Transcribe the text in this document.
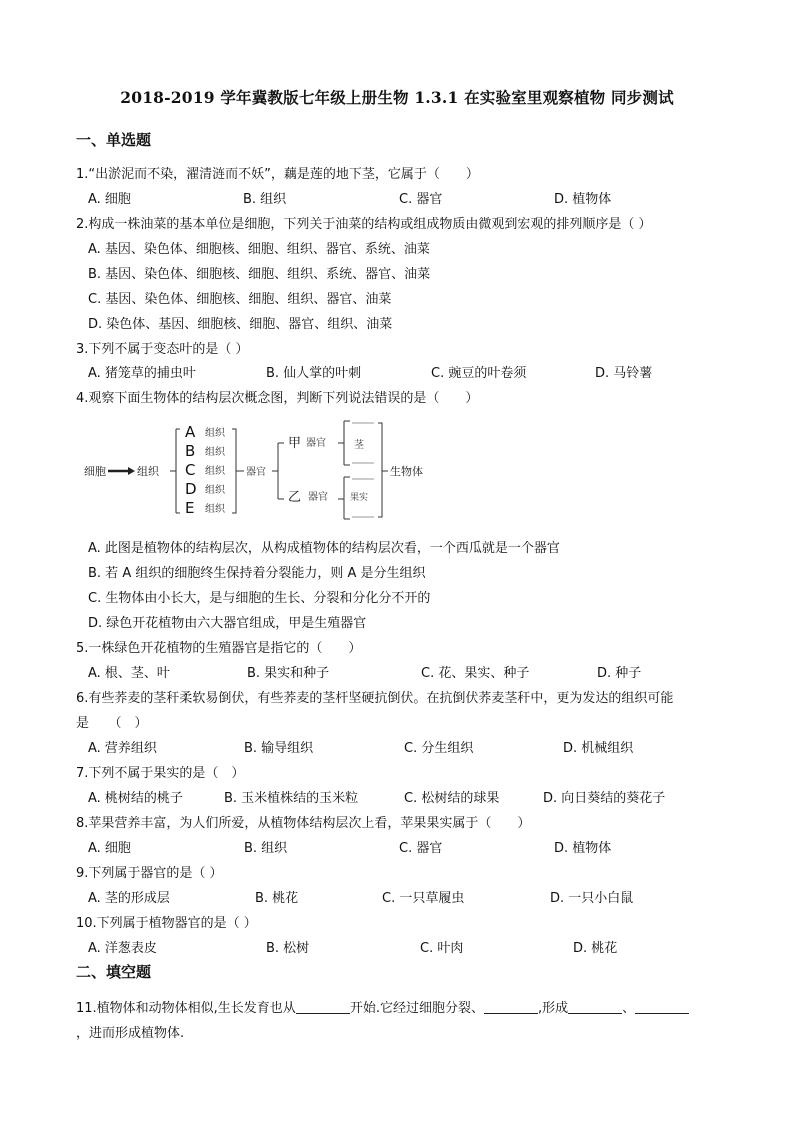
2018-2019 学年冀教版七年级上册生物 1.3.1 在实验室里观察植物 同步测试
一、单选题
1.“出淤泥而不染，濯清涟而不妖”，藕是莲的地下茎，它属于（　　）
A. 细胞	B. 组织	C. 器官	D. 植物体
2.构成一株油菜的基本单位是细胞，下列关于油菜的结构或组成物质由微观到宏观的排列顺序是（ ）
A. 基因、染色体、细胞核、细胞、组织、器官、系统、油菜
B. 基因、染色体、细胞核、细胞、组织、系统、器官、油菜
C. 基因、染色体、细胞核、细胞、组织、器官、油菜
D. 染色体、基因、细胞核、细胞、器官、组织、油菜
3.下列不属于变态叶的是（ ）
A. 猪笼草的捕虫叶	B. 仙人掌的叶刺	C. 豌豆的叶卷须	D. 马铃薯
4.观察下面生物体的结构层次概念图，判断下列说法错误的是（　　）
细胞	组织
A
B
C
D
E
组织
组织
组织
组织
组织
器官
甲 器官
乙 器官
茎
果实
生物体
A. 此图是植物体的结构层次，从构成植物体的结构层次看，一个西瓜就是一个器官
B. 若 A 组织的细胞终生保持着分裂能力，则 A 是分生组织
C. 生物体由小长大，是与细胞的生长、分裂和分化分不开的
D. 绿色开花植物由六大器官组成，甲是生殖器官
5.一株绿色开花植物的生殖器官是指它的（　　）
A. 根、茎、叶	B. 果实和种子	C. 花、果实、种子	D. 种子
6.有些荞麦的茎秆柔软易倒伏，有些荞麦的茎杆坚硬抗倒伏。在抗倒伏荞麦茎秆中，更为发达的组织可能
是　　（　）
A. 营养组织	B. 输导组织	C. 分生组织	D. 机械组织
7.下列不属于果实的是（　）
A. 桃树结的桃子	B. 玉米植株结的玉米粒	C. 松树结的球果	D. 向日葵结的葵花子
8.苹果营养丰富，为人们所爱，从植物体结构层次上看，苹果果实属于（　　）
A. 细胞	B. 组织	C. 器官	D. 植物体
9.下列属于器官的是（ ）
A. 茎的形成层	B. 桃花	C. 一只草履虫	D. 一只小白鼠
10.下列属于植物器官的是（ ）
A. 洋葱表皮	B. 松树	C. 叶肉	D. 桃花
二、填空题
11.植物体和动物体相似,生长发育也从	开始.它经过细胞分裂、	,形成	、
，进而形成植物体.
